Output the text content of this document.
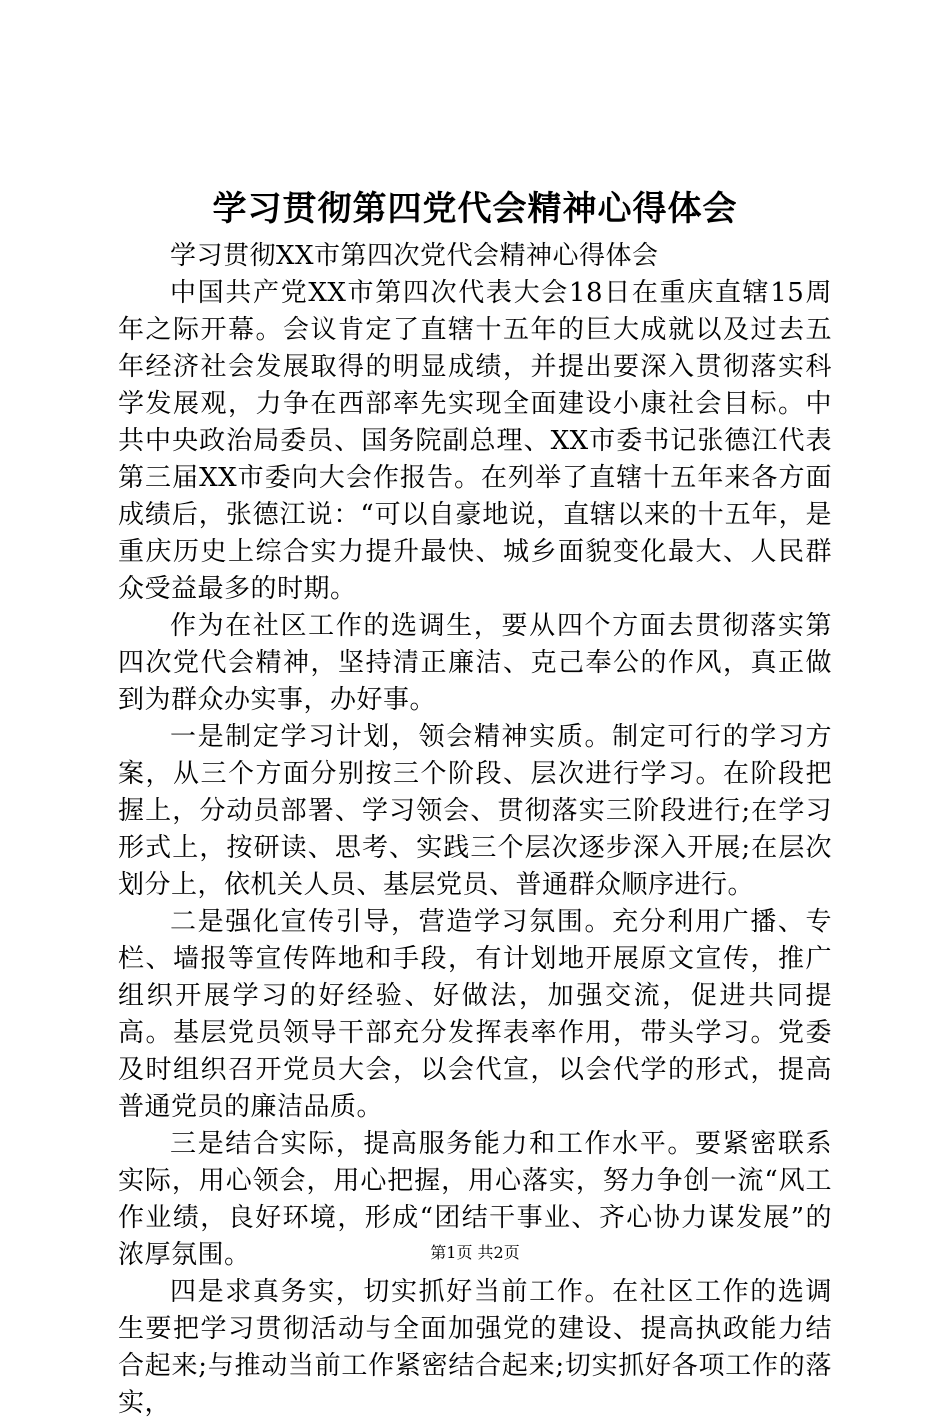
学习贯彻第四党代会精神心得体会

学习贯彻XX市第四次党代会精神心得体会

中国共产党XX市第四次代表大会18日在重庆直辖15周年之际开幕。会议肯定了直辖十五年的巨大成就以及过去五年经济社会发展取得的明显成绩，并提出要深入贯彻落实科学发展观，力争在西部率先实现全面建设小康社会目标。中共中央政治局委员、国务院副总理、XX市委书记张德江代表第三届XX市委向大会作报告。在列举了直辖十五年来各方面成绩后，张德江说：“可以自豪地说，直辖以来的十五年，是重庆历史上综合实力提升最快、城乡面貌变化最大、人民群众受益最多的时期。

作为在社区工作的选调生，要从四个方面去贯彻落实第四次党代会精神，坚持清正廉洁、克己奉公的作风，真正做到为群众办实事，办好事。

一是制定学习计划，领会精神实质。制定可行的学习方案，从三个方面分别按三个阶段、层次进行学习。在阶段把握上，分动员部署、学习领会、贯彻落实三阶段进行;在学习形式上，按研读、思考、实践三个层次逐步深入开展;在层次划分上，依机关人员、基层党员、普通群众顺序进行。

二是强化宣传引导，营造学习氛围。充分利用广播、专栏、墙报等宣传阵地和手段，有计划地开展原文宣传，推广组织开展学习的好经验、好做法，加强交流，促进共同提高。基层党员领导干部充分发挥表率作用，带头学习。党委及时组织召开党员大会，以会代宣，以会代学的形式，提高普通党员的廉洁品质。

三是结合实际，提高服务能力和工作水平。要紧密联系实际，用心领会，用心把握，用心落实，努力争创一流“风工作业绩，良好环境，形成“团结干事业、齐心协力谋发展”的浓厚氛围。

四是求真务实，切实抓好当前工作。在社区工作的选调生要把学习贯彻活动与全面加强党的建设、提高执政能力结合起来;与推动当前工作紧密结合起来;切实抓好各项工作的落实，

第1页 共2页
